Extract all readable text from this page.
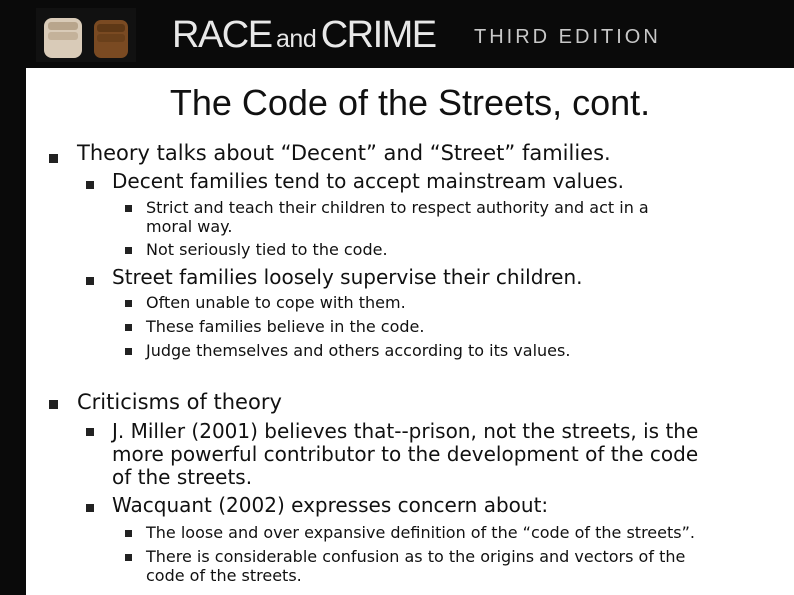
RACE and CRIME THIRD EDITION
The Code of the Streets, cont.
Theory talks about “Decent” and “Street” families.
Decent families tend to accept mainstream values.
Strict and teach their children to respect authority and act in a
moral way.
Not seriously tied to the code.
Street families loosely supervise their children.
Often unable to cope with them.
These families believe in the code.
Judge themselves and others according to its values.
Criticisms of theory
J. Miller (2001) believes that--prison, not the streets, is the
more powerful contributor to the development of the code
of the streets.
Wacquant (2002) expresses concern about:
The loose and over expansive definition of the “code of the streets”.
There is considerable confusion as to the origins and vectors of the
code of the streets.
